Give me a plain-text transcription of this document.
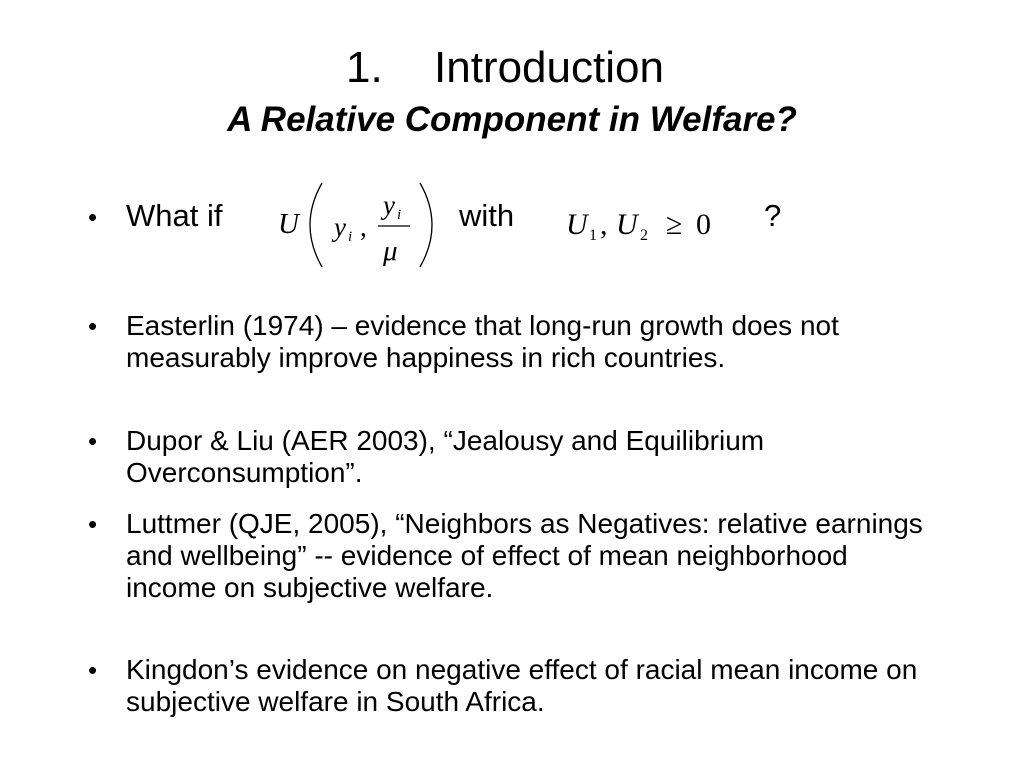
1. Introduction
A Relative Component in Welfare?
• What if U y i ,
y i
μ
with U 1 , U 2 ≥ 0 ?
• Easterlin (1974) – evidence that long-run growth does not measurably improve happiness in rich countries.
• Dupor & Liu (AER 2003), “Jealousy and Equilibrium Overconsumption”.
• Luttmer (QJE, 2005), “Neighbors as Negatives: relative earnings and wellbeing” -- evidence of effect of mean neighborhood income on subjective welfare.
• Kingdon’s evidence on negative effect of racial mean income on subjective welfare in South Africa.
